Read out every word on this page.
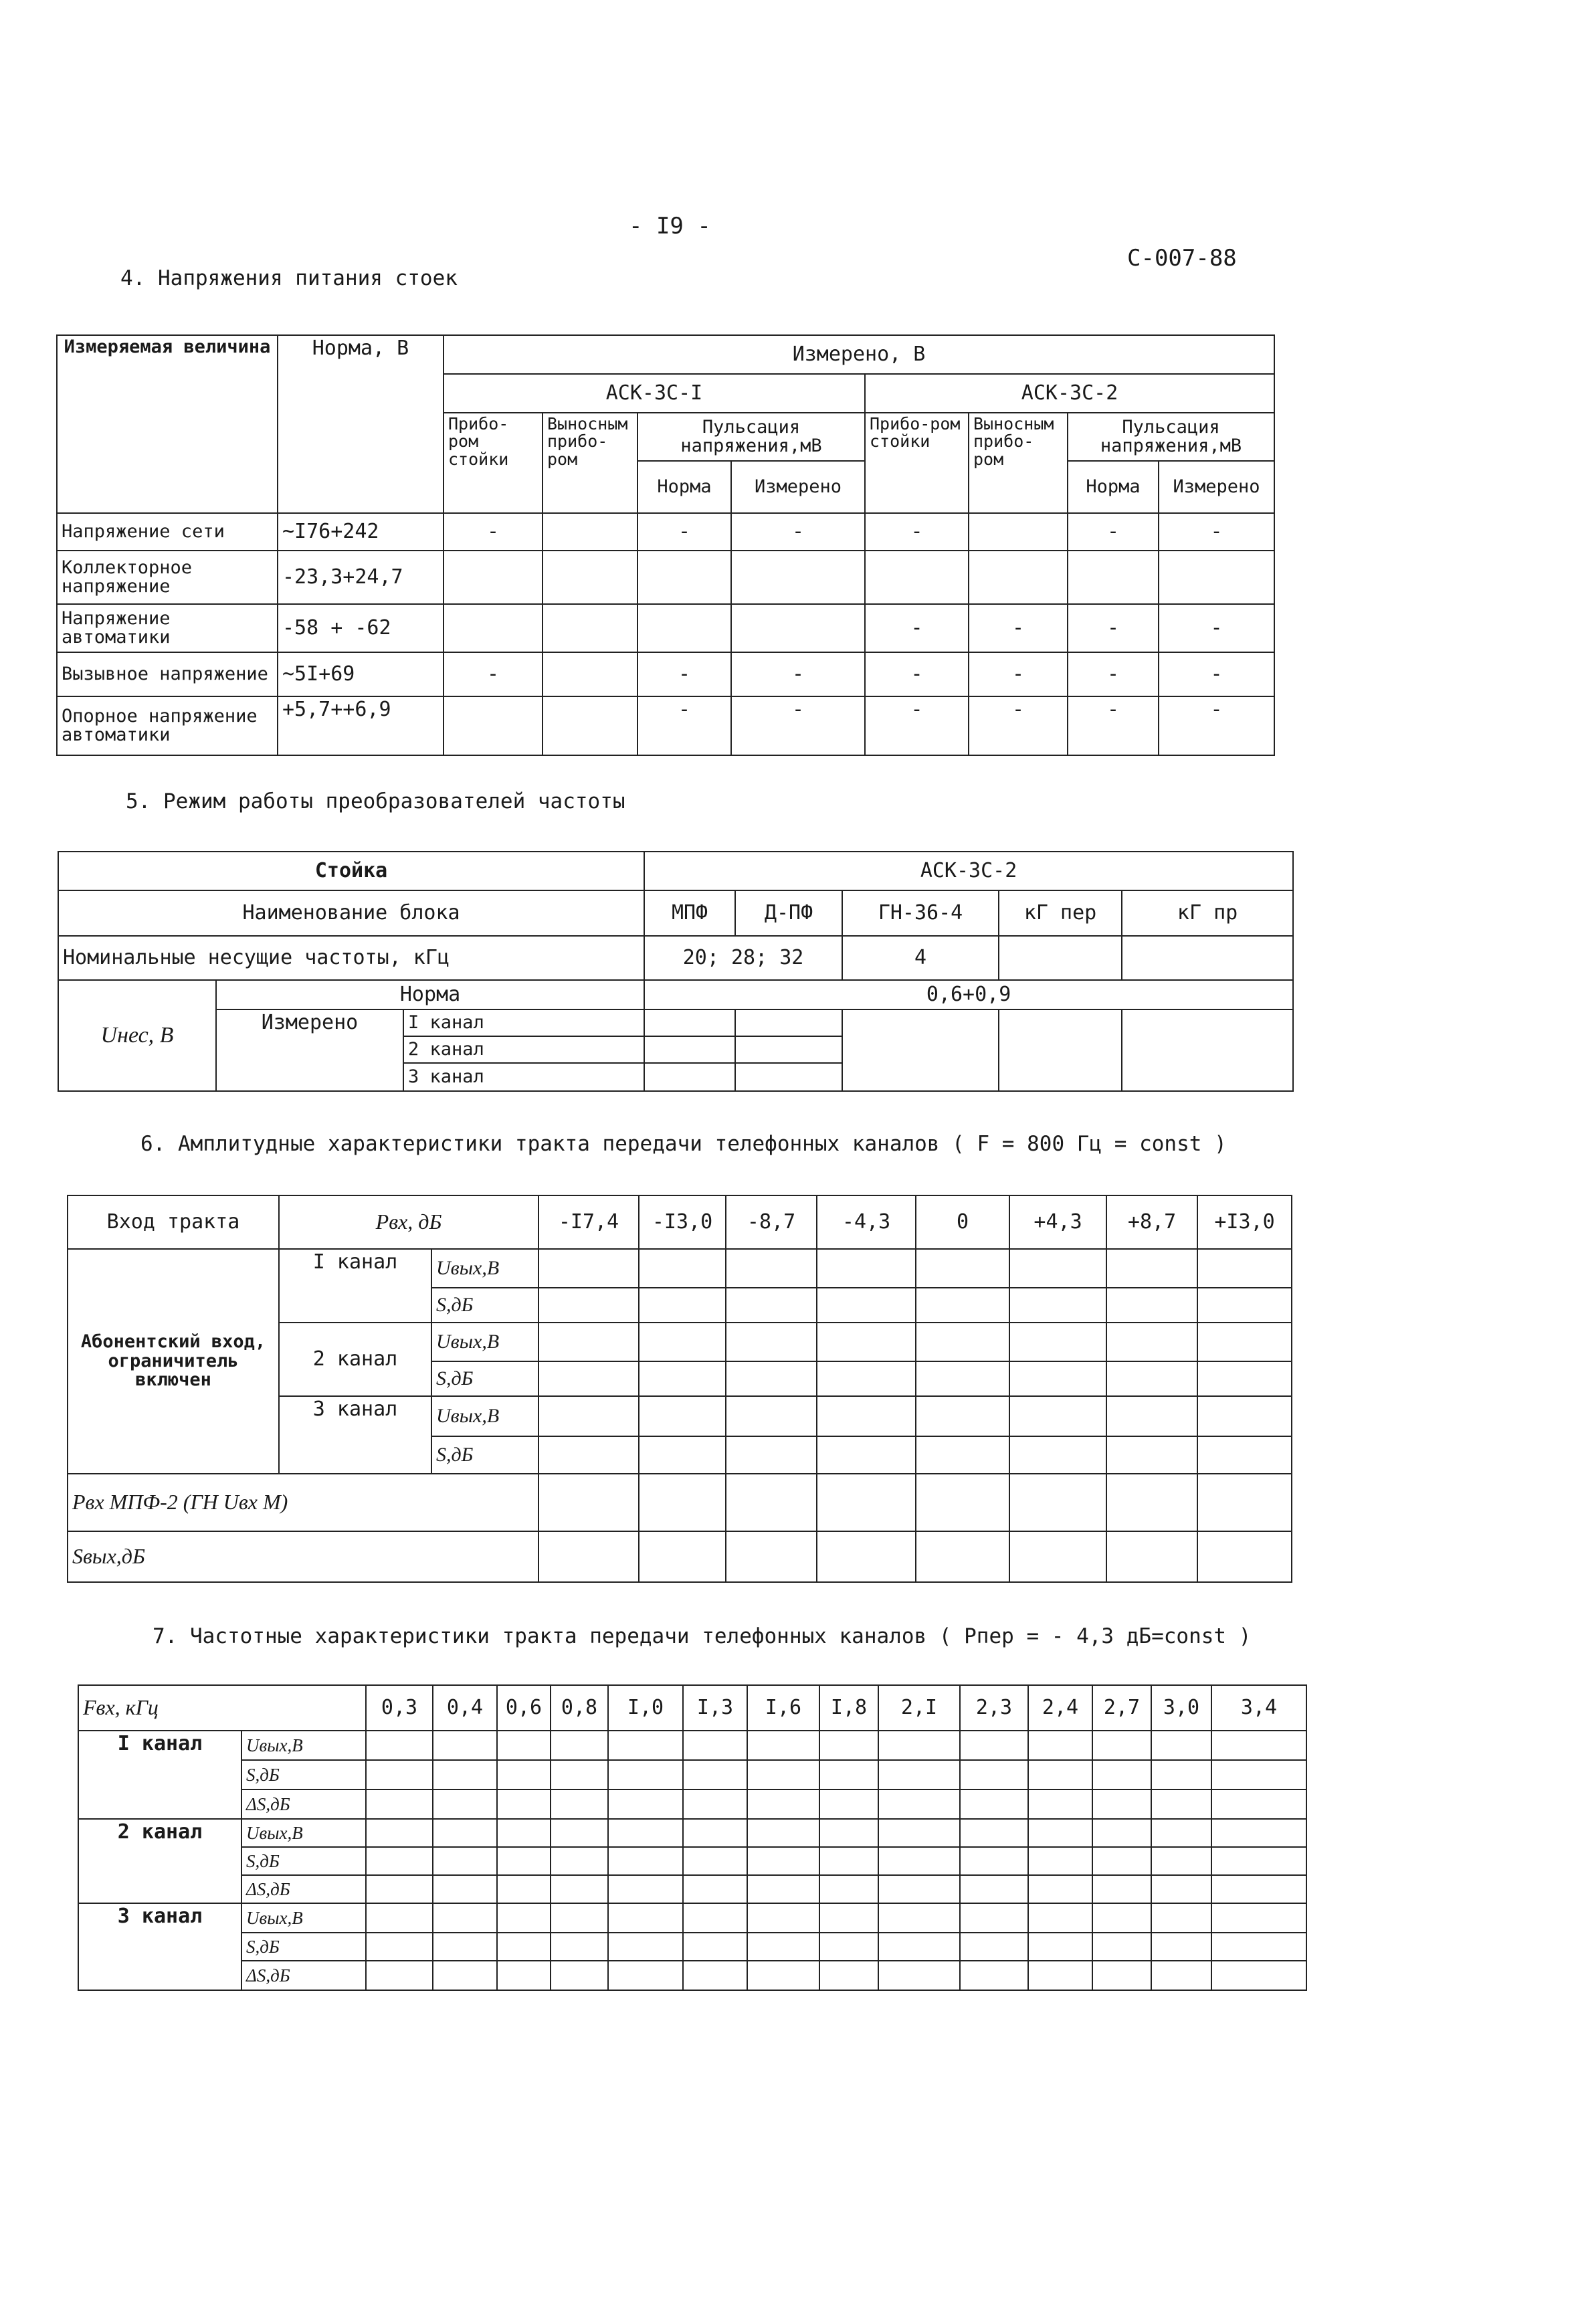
- I9 -
С-007-88
4. Напряжения питания стоек
Измеряемая величина	Норма, В	Измерено, В							
		АСК-3С-I				АСК-3С-2			
		Прибо-ром стойки	Выносным прибо-ром	Пульсация напряжения,мВ		Прибо-ром стойки	Выносным прибо-ром	Пульсация напряжения,мВ	
				Норма	Измерено			Норма	Измерено
Напряжение сети	~I76+242	-		-	-	-		-	-
Коллекторное напряжение	-23,3+24,7								
Напряжение автоматики	-58 + -62					-	-	-	-
Вызывное напряжение	~5I+69	-		-	-	-	-	-	-
Опорное напряжение автоматики	+5,7++6,9			-	-	-	-	-	-
5. Режим работы преобразователей частоты
Стойка			АСК-3С-2				
Наименование блока			МПФ	Д-ПФ	ГН-36-4	кГ пер	кГ пр
Номинальные несущие частоты, кГц			20; 28; 32		4		
Uнес, В	Норма		0,6+0,9				
	Измерено	I канал					
		2 канал					
		3 канал					
6. Амплитудные характеристики тракта передачи телефонных каналов ( F = 800 Гц = const )
Вход тракта	Pвх, дБ		-I7,4	-I3,0	-8,7	-4,3	0	+4,3	+8,7	+I3,0
Абонентский вход, ограничитель включен	I канал	Uвых,В								
		S,дБ								
	2 канал	Uвых,В								
		S,дБ								
	3 канал	Uвых,В								
		S,дБ								
Pвх МПФ-2 (ГН Uвх М)										
Sвых,дБ										
7. Частотные характеристики тракта передачи телефонных каналов ( Pпер = - 4,3 дБ=const )
Fвх, кГц		0,3	0,4	0,6	0,8	I,0	I,3	I,6	I,8	2,I	2,3	2,4	2,7	3,0	3,4
I канал	Uвых,В														
	S,дБ														
	ΔS,дБ														
2 канал	Uвых,В														
	S,дБ														
	ΔS,дБ														
3 канал	Uвых,В														
	S,дБ														
	ΔS,дБ														
